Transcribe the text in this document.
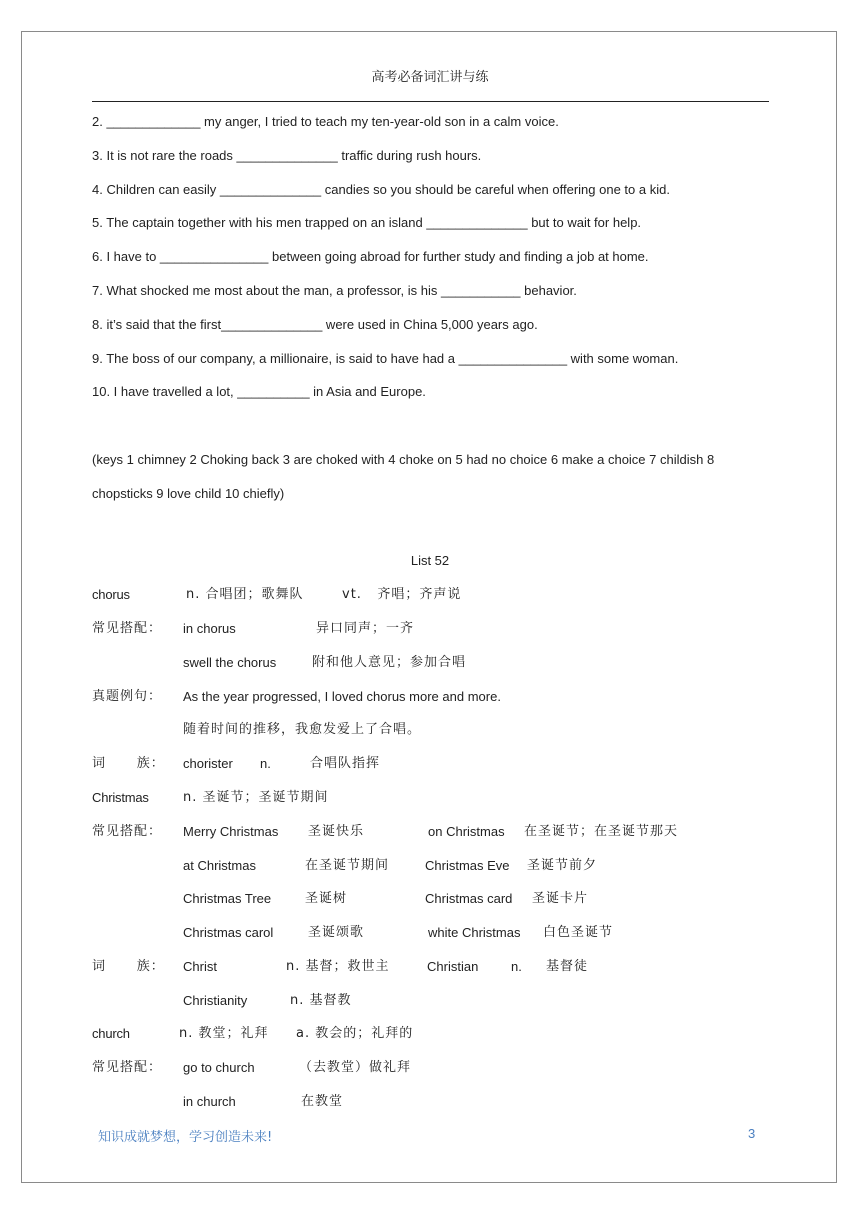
高考必备词汇讲与练
2. _____________ my anger, I tried to teach my ten-year-old son in a calm voice.
3. It is not rare the roads ______________ traffic during rush hours.
4. Children can easily ______________ candies so you should be careful when offering one to a kid.
5. The captain together with his men trapped on an island ______________ but to wait for help.
6. I have to _______________ between going abroad for further study and finding a job at home.
7. What shocked me most about the man, a professor, is his ___________ behavior.
8. it’s said that the first______________ were used in China 5,000 years ago.
9. The boss of our company, a millionaire, is said to have had a _______________ with some woman.
10. I have travelled a lot, __________ in Asia and Europe.
(keys 1 chimney 2 Choking back 3 are choked with 4 choke on 5 had no choice 6 make a choice 7 childish 8
chopsticks 9 love child 10 chiefly)
List 52
chorus	n. 合唱团；歌舞队	vt.   齐唱；齐声说
常见搭配： in chorus	异口同声；一齐
swell the chorus	附和他人意见；参加合唱
真题例句： As the year progressed, I loved chorus more and more.
随着时间的推移，我愈发爱上了合唱。
词      族： chorister n.	合唱队指挥
Christmas	n. 圣诞节；圣诞节期间
常见搭配： Merry Christmas 圣诞快乐	on Christmas 在圣诞节；在圣诞节那天
at Christmas	在圣诞节期间	Christmas Eve 圣诞节前夕
Christmas Tree	圣诞树	Christmas card 圣诞卡片
Christmas carol	圣诞颂歌	white Christmas 白色圣诞节
词      族： Christ	n. 基督；救世主	Christian	n. 基督徒
Christianity	n. 基督教
church	n. 教堂；礼拜 a. 教会的；礼拜的
常见搭配： go to church	（去教堂）做礼拜
in church	在教堂
知识成就梦想，学习创造未来!	3
